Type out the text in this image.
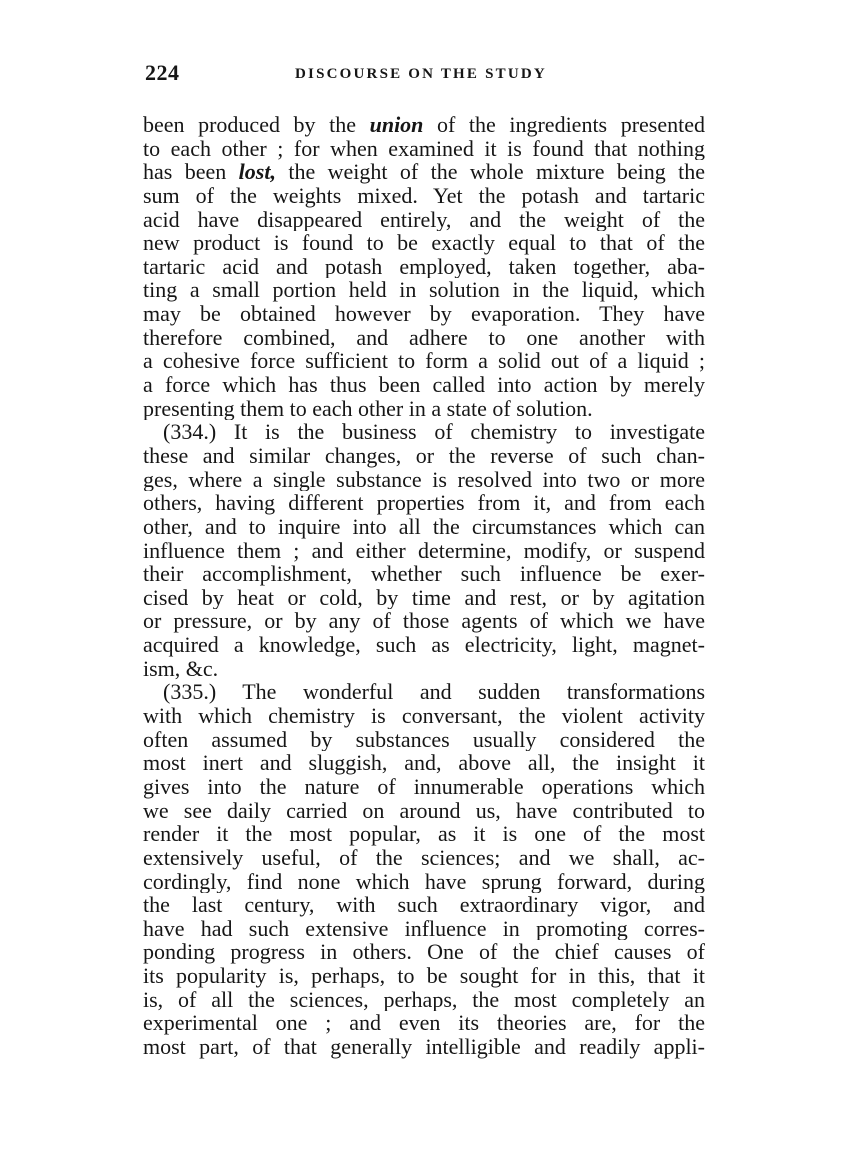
224	DISCOURSE ON THE STUDY
been produced by the union of the ingredients presented
to each other ; for when examined it is found that nothing
has been lost, the weight of the whole mixture being the
sum of the weights mixed. Yet the potash and tartaric
acid have disappeared entirely, and the weight of the
new product is found to be exactly equal to that of the
tartaric acid and potash employed, taken together, aba-
ting a small portion held in solution in the liquid, which
may be obtained however by evaporation. They have
therefore combined, and adhere to one another with
a cohesive force sufficient to form a solid out of a liquid ;
a force which has thus been called into action by merely
presenting them to each other in a state of solution.
(334.) It is the business of chemistry to investigate
these and similar changes, or the reverse of such chan-
ges, where a single substance is resolved into two or more
others, having different properties from it, and from each
other, and to inquire into all the circumstances which can
influence them ; and either determine, modify, or suspend
their accomplishment, whether such influence be exer-
cised by heat or cold, by time and rest, or by agitation
or pressure, or by any of those agents of which we have
acquired a knowledge, such as electricity, light, magnet-
ism, &c.
(335.) The wonderful and sudden transformations
with which chemistry is conversant, the violent activity
often assumed by substances usually considered the
most inert and sluggish, and, above all, the insight it
gives into the nature of innumerable operations which
we see daily carried on around us, have contributed to
render it the most popular, as it is one of the most
extensively useful, of the sciences; and we shall, ac-
cordingly, find none which have sprung forward, during
the last century, with such extraordinary vigor, and
have had such extensive influence in promoting corres-
ponding progress in others. One of the chief causes of
its popularity is, perhaps, to be sought for in this, that it
is, of all the sciences, perhaps, the most completely an
experimental one ; and even its theories are, for the
most part, of that generally intelligible and readily appli-
